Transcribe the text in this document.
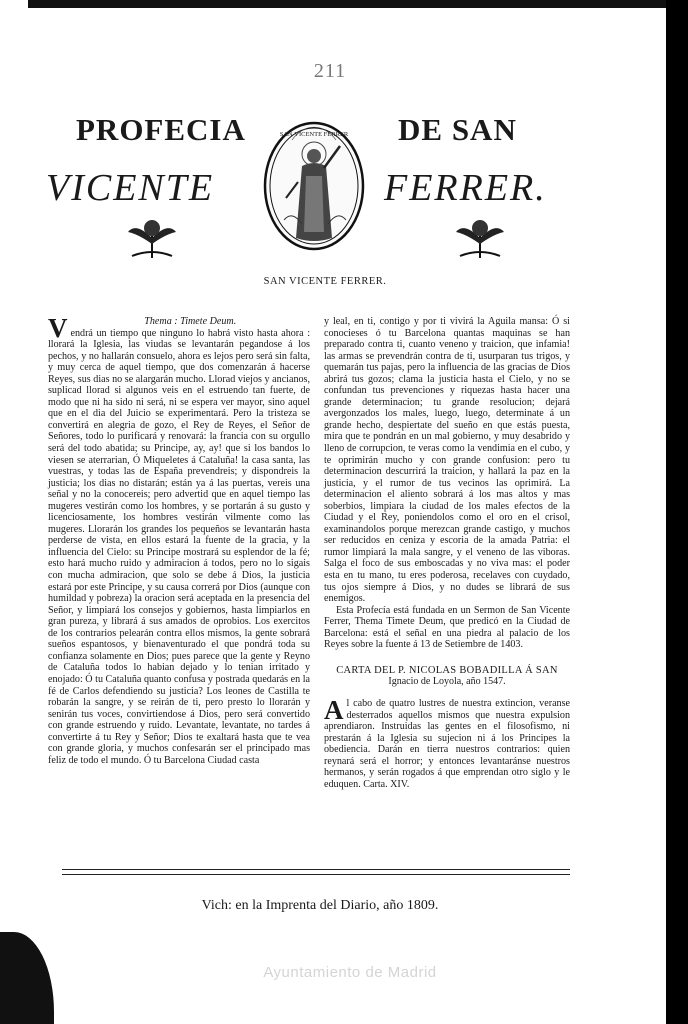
211
PROFECIA	DE SAN
VICENTE	FERRER.
SAN VICENTE FERRER
SAN VICENTE FERRER.
V	Thema : Timete Deum.

endrá un tiempo que ninguno lo habrá visto hasta ahora : llorará la Iglesia, las viudas se levantarán pegandose á los pechos, y no hallarán consuelo, ahora es lejos pero será sin falta, y muy cerca de aquel tiempo, que dos comenzarán á hacerse Reyes, sus dias no se alargarán mucho. Llorad viejos y ancianos, suplicad llorad si algunos veis en el estruendo tan fuerte, de modo que ni ha sido ni será, ni se espera ver mayor, sino aquel que en el dia del Juicio se experimentará. Pero la tristeza se convertirá en alegria de gozo, el Rey de Reyes, el Señor de Señores, todo lo purificará y renovará: la francia con su orgullo será del todo abatida; su Principe, ay, ay! que si los bandos lo viesen se aterrarian, Ó Miqueletes á Cataluña! la casa santa, las vuestras, y todas las de España prevendreis; y dispondreis la justicia; los dias no distarán; están ya á las puertas, vereis una señal y no la conocereis; pero advertid que en aquel tiempo las mugeres vestirán como los hombres, y se portarán á su gusto y licenciosamente, los hombres vestirán vilmente como las mugeres. Llorarán los grandes los pequeños se levantarán hasta perderse de vista, en ellos estará la fuente de la gracia, y la influencia del Cielo: su Principe mostrará su esplendor de la fé; esto hará mucho ruido y admiracion á todos, pero no lo sigais con mucha admiracion, que solo se debe á Dios, la justicia estará por este Principe, y su causa correrá por Dios (aunque con humildad y pobreza) la oracion será aceptada en la presencia del Señor, y limpiará los consejos y gobiernos, hasta limpiarlos en gran pureza, y librará á sus amados de oprobios. Los exercitos de los contrarios pelearán contra ellos mismos, la gente sobrará sueños espantosos, y bienaventurado el que pondrá toda su confianza solamente en Dios; pues parece que la gente y Reyno de Cataluña todos lo habian dejado y lo tenian irritado y enojado: Ó tu Cataluña quanto confusa y postrada quedarás en la fé de Carlos defendiendo su justicia? Los leones de Castilla te robarán la sangre, y se reirán de ti, pero presto lo llorarán y senirán tus voces, convirtiendose á Dios, pero será convertido con grande estruendo y ruido. Levantate, levantate, no tardes á convertirte á tu Rey y Señor; Dios te exaltará hasta que te vea con grande gloria, y muchos confesarán ser el principado mas feliz de todo el mundo. Ó tu Barcelona Ciudad casta

y leal, en ti, contigo y por ti vivirá la Aguila mansa: Ó si conocieses ó tu Barcelona quantas maquinas se han preparado contra ti, cuanto veneno y traicion, que infamia! las armas se prevendrán contra de ti, usurparan tus trigos, y quemarán tus pajas, pero la influencia de las gracias de Dios abrirá tus gozos; clama la justicia hasta el Cielo, y no se confundan tus prevenciones y riquezas hasta hacer una grande determinacion; tu grande resolucion; dejará avergonzados los males, luego, luego, determinate á un grande hecho, despiertate del sueño en que estás puesta, mira que te pondrán en un mal gobierno, y muy desabrido y lleno de corrupcion, te veras como la vendimia en el cubo, y te oprimirán mucho y con grande confusion: pero tu determinacion descurrirá la traicion, y hallará la paz en la justicia, y el rumor de tus vecinos las oprimirá. La determinacion el aliento sobrará á los mas altos y mas soberbios, limpiara la ciudad de los males efectos de la Ciudad y el Rey, poniendolos como el oro en el crisol, examinandolos porque merezcan grande castigo, y muchos ser reducidos en ceniza y escoria de la amada Patria: el rumor limpiará la mala sangre, y el veneno de las viboras. Salga el foco de sus emboscadas y no viva mas: el poder esta en tu mano, tu eres poderosa, recelaves con cuydado, tus ojos siempre á Dios, y no dudes se librará de sus enemigos.

Esta Profecía está fundada en un Sermon de San Vicente Ferrer, Thema Timete Deum, que predicó en la Ciudad de Barcelona: está el señal en una piedra al palacio de los Reyes sobre la fuente á 13 de Setiembre de 1403.

CARTA DEL P. NICOLAS BOBADILLA Á SAN

Ignacio de Loyola, año 1547.

A l cabo de quatro lustres de nuestra extincion, veranse desterrados aquellos mismos que nuestra expulsion aprendiaron. Instruidas las gentes en el filosofismo, ni prestarán á la Iglesia su sujecion ni á los Principes la obediencia. Darán en tierra nuestros contrarios: quien reynará será el horror; y entonces levantaránse nuestros hermanos, y serán rogados á que emprendan otro siglo y le eduquen. Carta. XIV.

Vich: en la Imprenta del Diario, año 1809.
Ayuntamiento de Madrid
